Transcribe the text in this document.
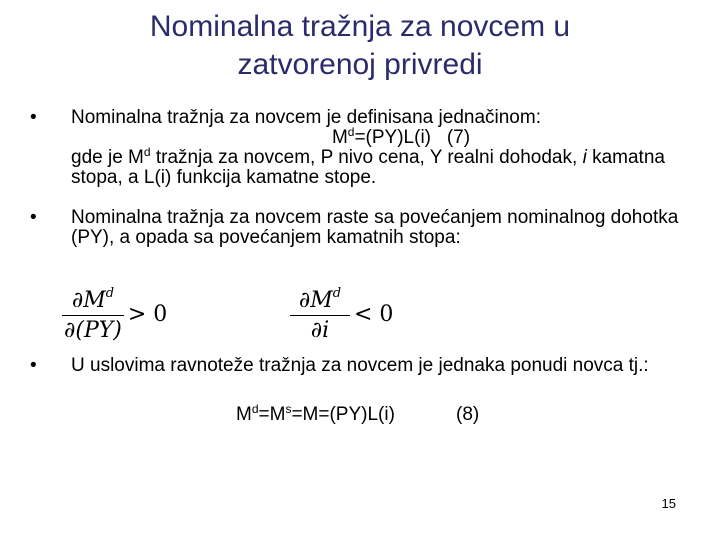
Nominalna tražnja za novcem u
zatvorenoj privredi
• Nominalna tražnja za novcem je definisana jednačinom:
$M^d=(PY)L(i)$   (7)
gde je $M^d$ tražnja za novcem, P nivo cena, Y realni dohodak, i kamatna  stopa, a L(i) funkcija kamatne stope.
• Nominalna tražnja za novcem raste sa povećanjem nominalnog dohotka (PY), a opada sa povećanjem kamatnih stopa:
$\frac{\partial M^d}{\partial(PY)} > 0$	$\frac{\partial M^d}{\partial i} < 0$
• U uslovima ravnoteže tražnja za novcem je jednaka ponudi novca tj.:
$M^d=M^s=M=(PY)L(i)$	(8)
15
